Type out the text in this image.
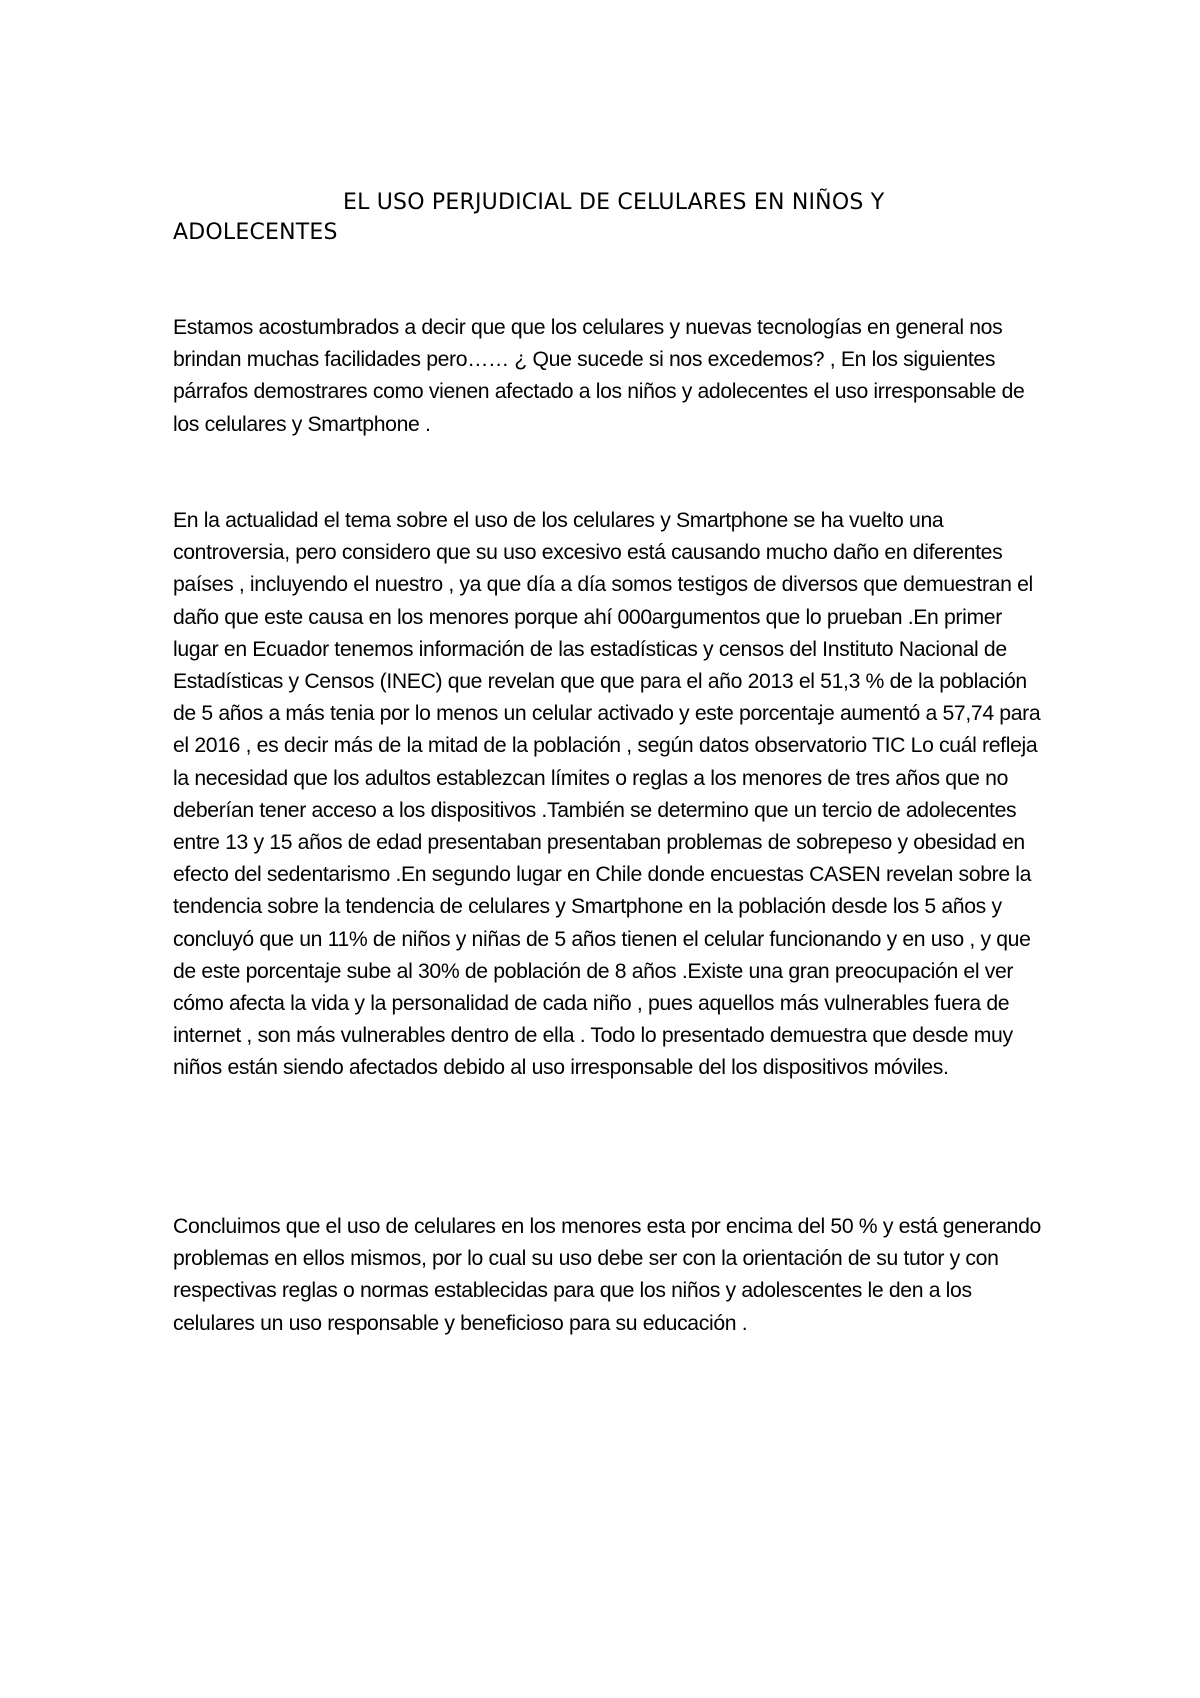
EL USO PERJUDICIAL DE CELULARES EN NIÑOS Y ADOLECENTES

Estamos acostumbrados a decir que que los celulares y nuevas tecnologías en general nos brindan muchas facilidades pero…… ¿ Que sucede si nos excedemos? , En los siguientes párrafos demostrares como vienen afectado a los niños y adolecentes el uso irresponsable de los celulares y Smartphone .

En la actualidad el tema sobre el uso de los celulares y Smartphone se ha vuelto una controversia, pero considero que su uso excesivo está causando mucho daño en diferentes países , incluyendo el nuestro , ya que día a día somos testigos de diversos que demuestran el daño que este causa en los menores porque ahí 000argumentos que lo prueban .En primer lugar en Ecuador tenemos información de las estadísticas y censos del Instituto Nacional de Estadísticas y Censos (INEC) que revelan que que para el año 2013 el 51,3 % de la población de 5 años a más tenia por lo menos un celular activado y este porcentaje aumentó a 57,74 para el 2016 , es decir más de la mitad de la población , según datos observatorio TIC Lo cuál refleja la necesidad que los adultos establezcan límites o reglas a los menores de tres años que no deberían tener acceso a los dispositivos .También se determino que un tercio de adolecentes entre 13 y 15 años de edad presentaban presentaban problemas de sobrepeso y obesidad en efecto del sedentarismo .En segundo lugar en Chile donde encuestas CASEN revelan sobre la tendencia sobre la tendencia de celulares y Smartphone en la población desde los 5 años y concluyó que un 11% de niños y niñas de 5 años tienen el celular funcionando y en uso , y que de este porcentaje sube al 30% de población de 8 años .Existe una gran preocupación el ver cómo afecta la vida y la personalidad de cada niño , pues aquellos más vulnerables fuera de internet , son más vulnerables dentro de ella . Todo lo presentado demuestra que desde muy niños están siendo afectados debido al uso irresponsable del los dispositivos móviles.

Concluimos que el uso de celulares en los menores esta por encima del 50 % y está generando problemas en ellos mismos, por lo cual su uso debe ser con la orientación de su tutor y con respectivas reglas o normas establecidas para que los niños y adolescentes le den a los celulares un uso responsable y beneficioso para su educación .
